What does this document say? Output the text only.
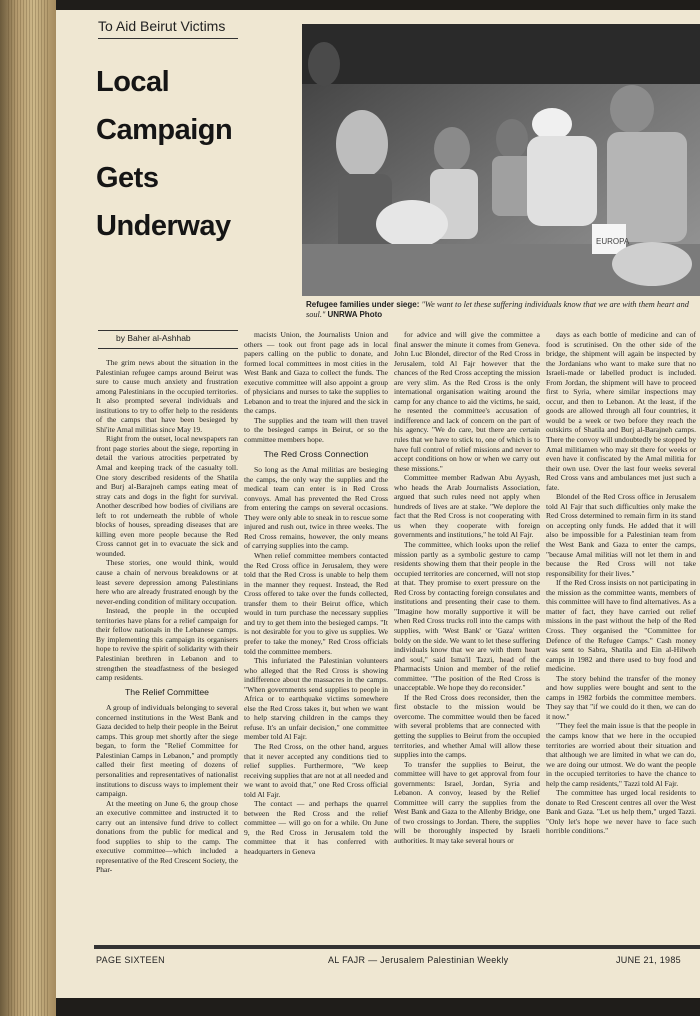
To Aid Beirut Victims
Local
Campaign
Gets
Underway	EUROPA
Refugee families under siege: "We want to let these suffering individuals know that we are with them heart and soul." UNRWA Photo
by Baher al-Ashhab

The grim news about the situation in the Palestinian refugee camps around Beirut was sure to cause much anxiety and frustration among Palestinians in the occupied territories. It also prompted several individuals and institutions to try to offer help to the residents of the camps that have been besieged by Shi'ite Amal militias since May 19.

Right from the outset, local newspapers ran front page stories about the siege, reporting in detail the various atrocities perpetrated by Amal and keeping track of the casualty toll. One story described residents of the Shatila and Burj al-Barajneh camps eating meat of stray cats and dogs in the fight for survival. Another described how bodies of civilians are left to rot underneath the rubble of whole blocks of houses, spreading diseases that are killing even more people because the Red Cross cannot get in to evacuate the sick and wounded.

These stories, one would think, would cause a chain of nervous breakdowns or at least severe depression among Palestinians here who are already frustrated enough by the never-ending condition of military occupation.

Instead, the people in the occupied territories have plans for a relief campaign for their fellow nationals in the Lebanese camps. By implementing this campaign its organisers hope to revive the spirit of solidarity with their Palestinian brethren in Lebanon and to strengthen the steadfastness of the besieged camp residents.

The Relief Committee

A group of individuals belonging to several concerned institutions in the West Bank and Gaza decided to help their people in the Beirut camps. This group met shortly after the siege began, to form the "Relief Committee for Palestinian Camps in Lebanon," and promptly called their first meeting of dozens of personalities and representatives of nationalist institutions to discuss ways to implement their campaign.

At the meeting on June 6, the group chose an executive committee and instructed it to carry out an intensive fund drive to collect donations from the public for medical and food supplies to ship to the camp. The executive committee—which included a representative of the Red Crescent Society, the Phar-

macists Union, the Journalists Union and others — took out front page ads in local papers calling on the public to donate, and formed local committees in most cities in the West Bank and Gaza to collect the funds. The executive committee will also appoint a group of physicians and nurses to take the supplies to Lebanon and to treat the injured and the sick in the camps.

The supplies and the team will then travel to the besieged camps in Beirut, or so the committee members hope.

The Red Cross Connection

So long as the Amal militias are besieging the camps, the only way the supplies and the medical team can enter is in Red Cross convoys. Amal has prevented the Red Cross from entering the camps on several occasions. They were only able to sneak in to rescue some injured and rush out, twice in three weeks. The Red Cross remains, however, the only means of carrying supplies into the camp.

When relief committee members contacted the Red Cross office in Jerusalem, they were told that the Red Cross is unable to help them in the manner they request. Instead, the Red Cross offered to take over the funds collected, transfer them to their Beirut office, which would in turn purchase the necessary supplies and try to get them into the besieged camps. "It is not desirable for you to give us supplies. We prefer to take the money," Red Cross officials told the committee members.

This infuriated the Palestinian volunteers who alleged that the Red Cross is showing indifference about the massacres in the camps. "When governments send supplies to people in Africa or to earthquake victims somewhere else the Red Cross takes it, but when we want to help starving children in the camps they refuse. It's an unfair decision," one committee member told Al Fajr.

The Red Cross, on the other hand, argues that it never accepted any conditions tied to relief supplies. Furthermore, "We keep receiving supplies that are not at all needed and we want to avoid that," one Red Cross official told Al Fajr.

The contact — and perhaps the quarrel between the Red Cross and the relief committee — will go on for a while. On June 9, the Red Cross in Jerusalem told the committee that it has conferred with headquarters in Geneva

for advice and will give the committee a final answer the minute it comes from Geneva. John Luc Blondel, director of the Red Cross in Jerusalem, told Al Fajr however that the chances of the Red Cross accepting the mission are very slim. As the Red Cross is the only international organisation waiting around the camp for any chance to aid the victims, he said, he resented the committee's accusation of indifference and lack of concern on the part of his agency. "We do care, but there are certain rules that we have to stick to, one of which is to have full control of relief missions and never to accept conditions on how or when we carry out these missions."

Committee member Radwan Abu Ayyash, who heads the Arab Journalists Association, argued that such rules need not apply when hundreds of lives are at stake. "We deplore the fact that the Red Cross is not cooperating with us when they cooperate with foreign governments and institutions," he told Al Fajr.

The committee, which looks upon the relief mission partly as a symbolic gesture to camp residents showing them that their people in the occupied territories are concerned, will not stop at that. They promise to exert pressure on the Red Cross by contacting foreign consulates and institutions and presenting their case to them. "Imagine how morally supportive it will be when Red Cross trucks roll into the camps with supplies, with 'West Bank' or 'Gaza' written boldy on the side. We want to let these suffering individuals know that we are with them heart and soul," said Isma'il Tazzi, head of the Pharmacists Union and member of the relief committee. "The position of the Red Cross is unacceptable. We hope they do reconsider."

If the Red Cross does reconsider, then the first obstacle to the mission would be overcome. The committee would then be faced with several problems that are connected with getting the supplies to Beirut from the occupied territories, and whether Amal will allow these supplies into the camps.

To transfer the supplies to Beirut, the committee will have to get approval from four governments: Israel, Jordan, Syria and Lebanon. A convoy, leased by the Relief Committee will carry the supplies from the West Bank and Gaza to the Allenby Bridge, one of two crossings to Jordan. There, the supplies will be thoroughly inspected by Israeli authorities. It may take several hours or

days as each bottle of medicine and can of food is scrutinised. On the other side of the bridge, the shipment will again be inspected by the Jordanians who want to make sure that no Israeli-made or labelled product is included. From Jordan, the shipment will have to proceed first to Syria, where similar inspections may occur, and then to Lebanon. At the least, if the goods are allowed through all four countries, it would be a week or two before they reach the outskirts of Shatila and Burj al-Barajneh camps. There the convoy will undoubtedly be stopped by Amal militiamen who may sit there for weeks or even have it confiscated by the Amal militia for their own use. Over the last four weeks several Red Cross vans and ambulances met just such a fate.

Blondel of the Red Cross office in Jerusalem told Al Fajr that such difficulties only make the Red Cross determined to remain firm in its stand on accepting only funds. He added that it will also be impossible for a Palestinian team from the West Bank and Gaza to enter the camps, "because Amal militias will not let them in and because the Red Cross will not take responsibility for their lives."

If the Red Cross insists on not participating in the mission as the committee wants, members of this committee will have to find alternatives. As a matter of fact, they have carried out relief missions in the past without the help of the Red Cross. They organised the "Committee for Defence of the Refugee Camps." Cash money was sent to Sabra, Shatila and Ein al-Hilweh camps in 1982 and there used to buy food and medicine.

The story behind the transfer of the money and how supplies were bought and sent to the camps in 1982 forbids the committee members. They say that "if we could do it then, we can do it now."

"They feel the main issue is that the people in the camps know that we here in the occupied territories are worried about their situation and that although we are limited in what we can do, we are doing our utmost. We do want the people in the occupied territories to have the chance to help the camp residents," Tazzi told Al Fajr.

The committee has urged local residents to donate to Red Crescent centres all over the West Bank and Gaza. "Let us help them," urged Tazzi. "Only let's hope we never have to face such horrible conditions."

PAGE SIXTEEN	AL FAJR — Jerusalem Palestinian Weekly	JUNE 21, 1985
